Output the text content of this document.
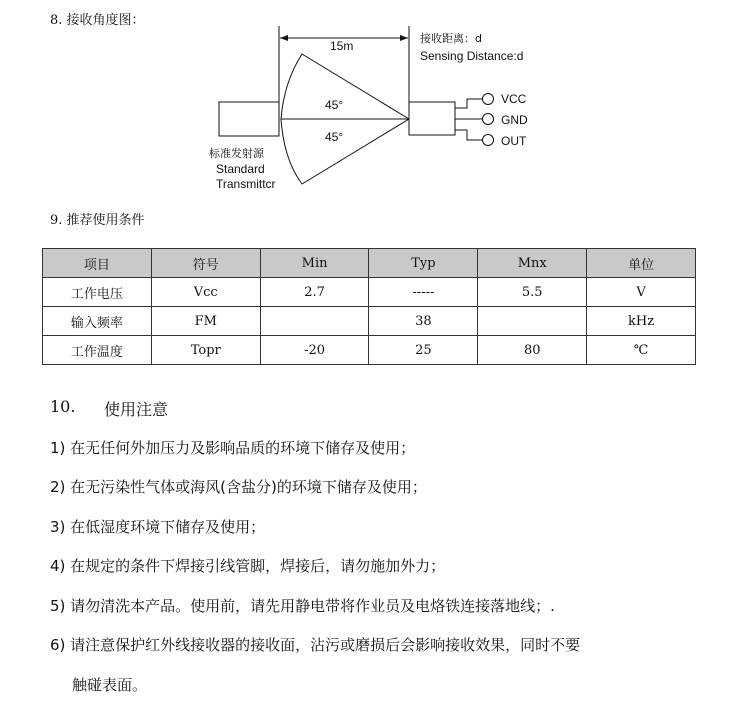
8. 接收角度图：
15m
45°
45°
VCC
GND
OUT
接收距离：d
Sensing Distance:d
标准发射源
Standard
Transmittcr
9. 推荐使用条件
项目	符号	Min	Typ	Mnx	单位
工作电压	Vcc	2.7	-----	5.5	V
输入频率	FM		38		kHz
工作温度	Topr	-20	25	80	℃
10. 使用注意
1) 在无任何外加压力及影响品质的环境下储存及使用；
2) 在无污染性气体或海风(含盐分)的环境下储存及使用；
3) 在低湿度环境下储存及使用；
4) 在规定的条件下焊接引线管脚，焊接后，请勿施加外力；
5) 请勿清洗本产品。使用前，请先用静电带将作业员及电烙铁连接落地线；.
6) 请注意保护红外线接收器的接收面，沾污或磨损后会影响接收效果，同时不要
触碰表面。
